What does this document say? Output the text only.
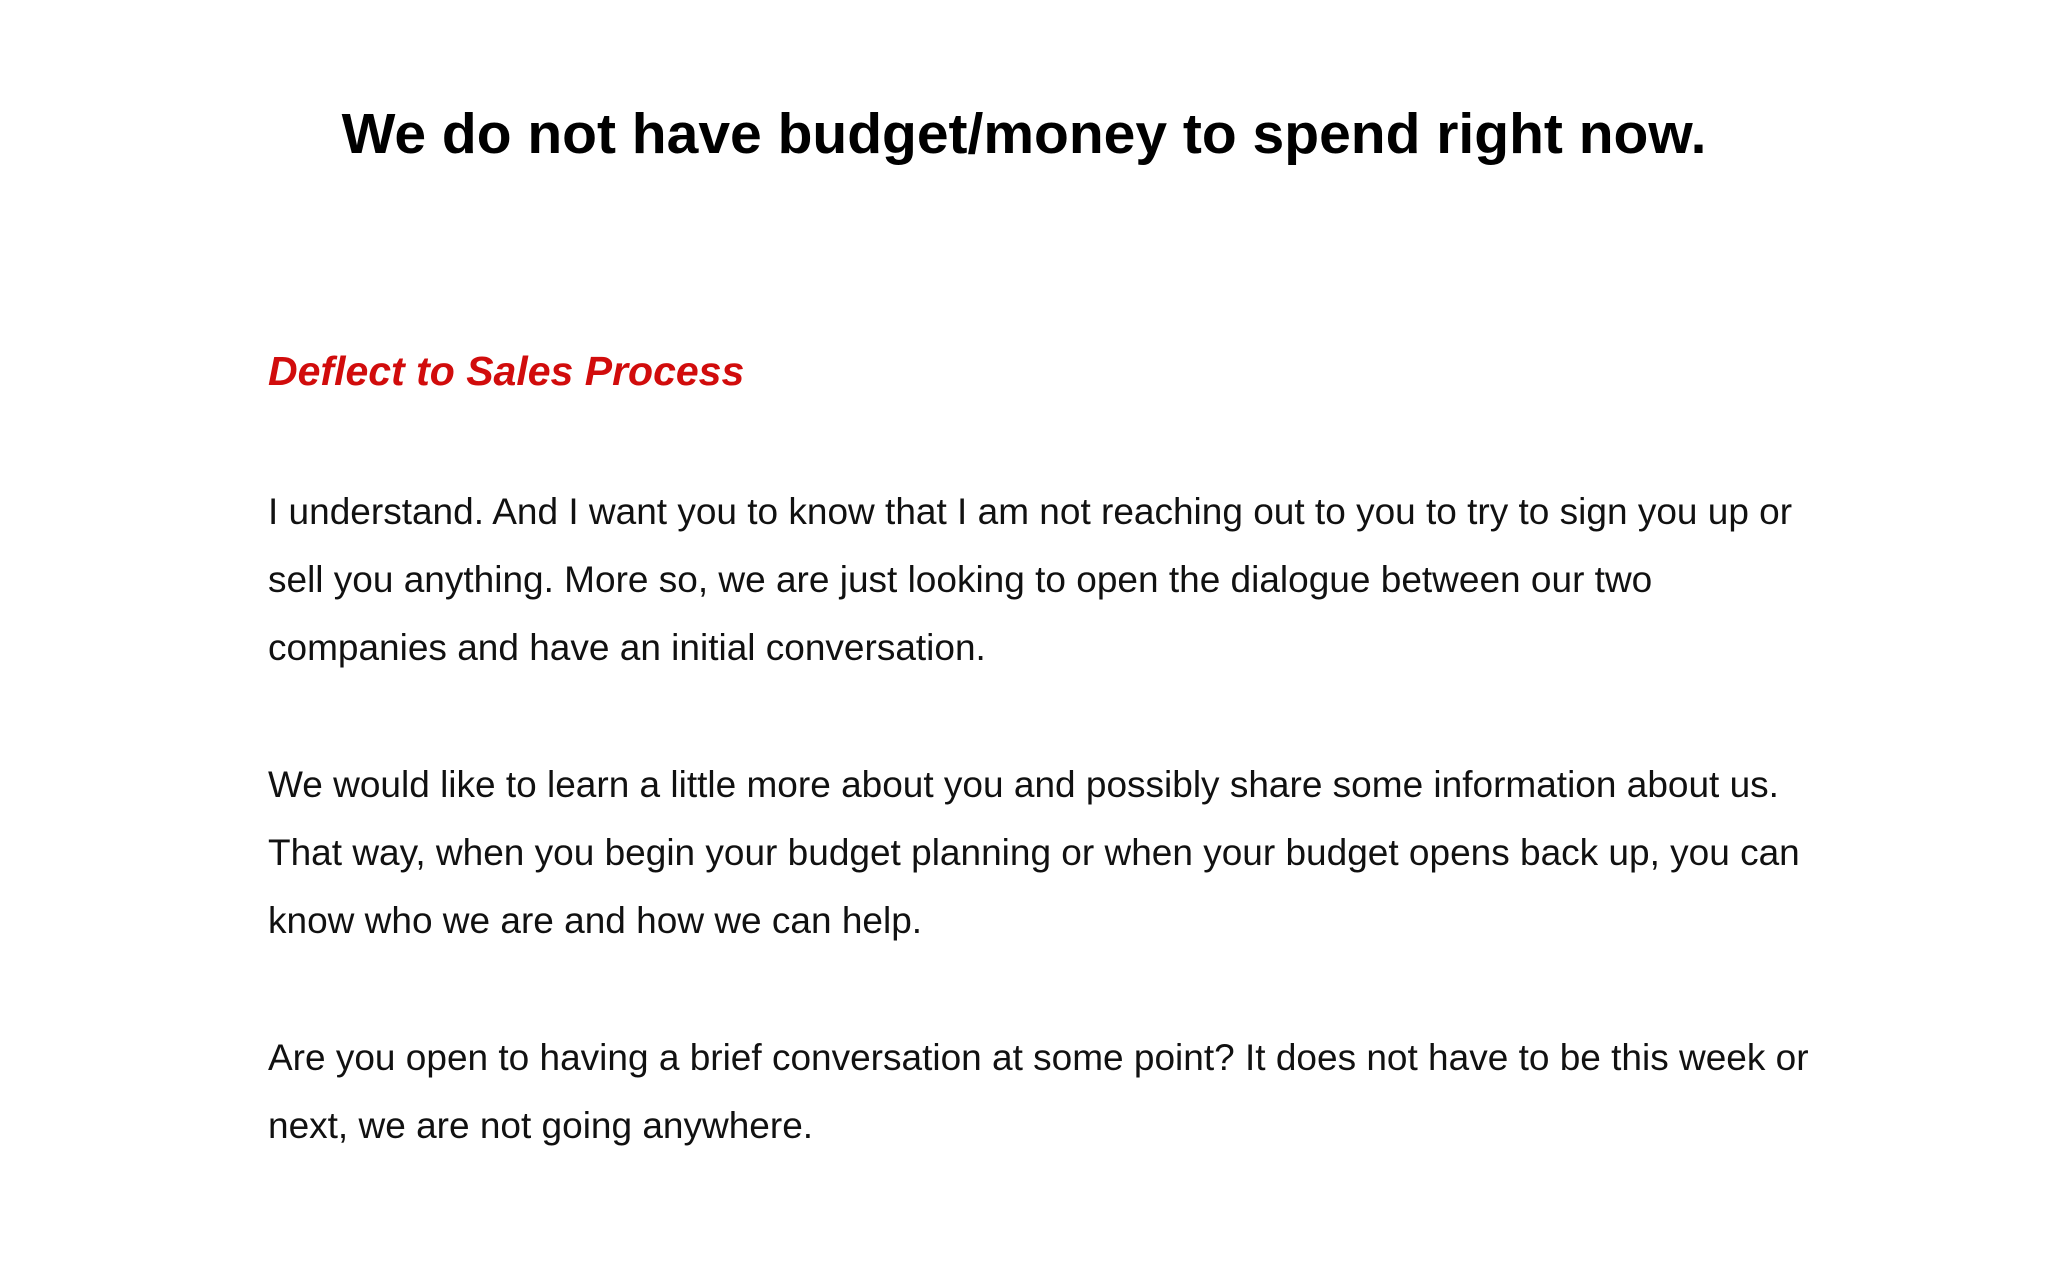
We do not have budget/money to spend right now.
Deflect to Sales Process

I understand. And I want you to know that I am not reaching out to you to try to sign you up or sell you anything. More so, we are just looking to open the dialogue between our two companies and have an initial conversation.

We would like to learn a little more about you and possibly share some information about us. That way, when you begin your budget planning or when your budget opens back up, you can know who we are and how we can help.

Are you open to having a brief conversation at some point? It does not have to be this week or next, we are not going anywhere.
